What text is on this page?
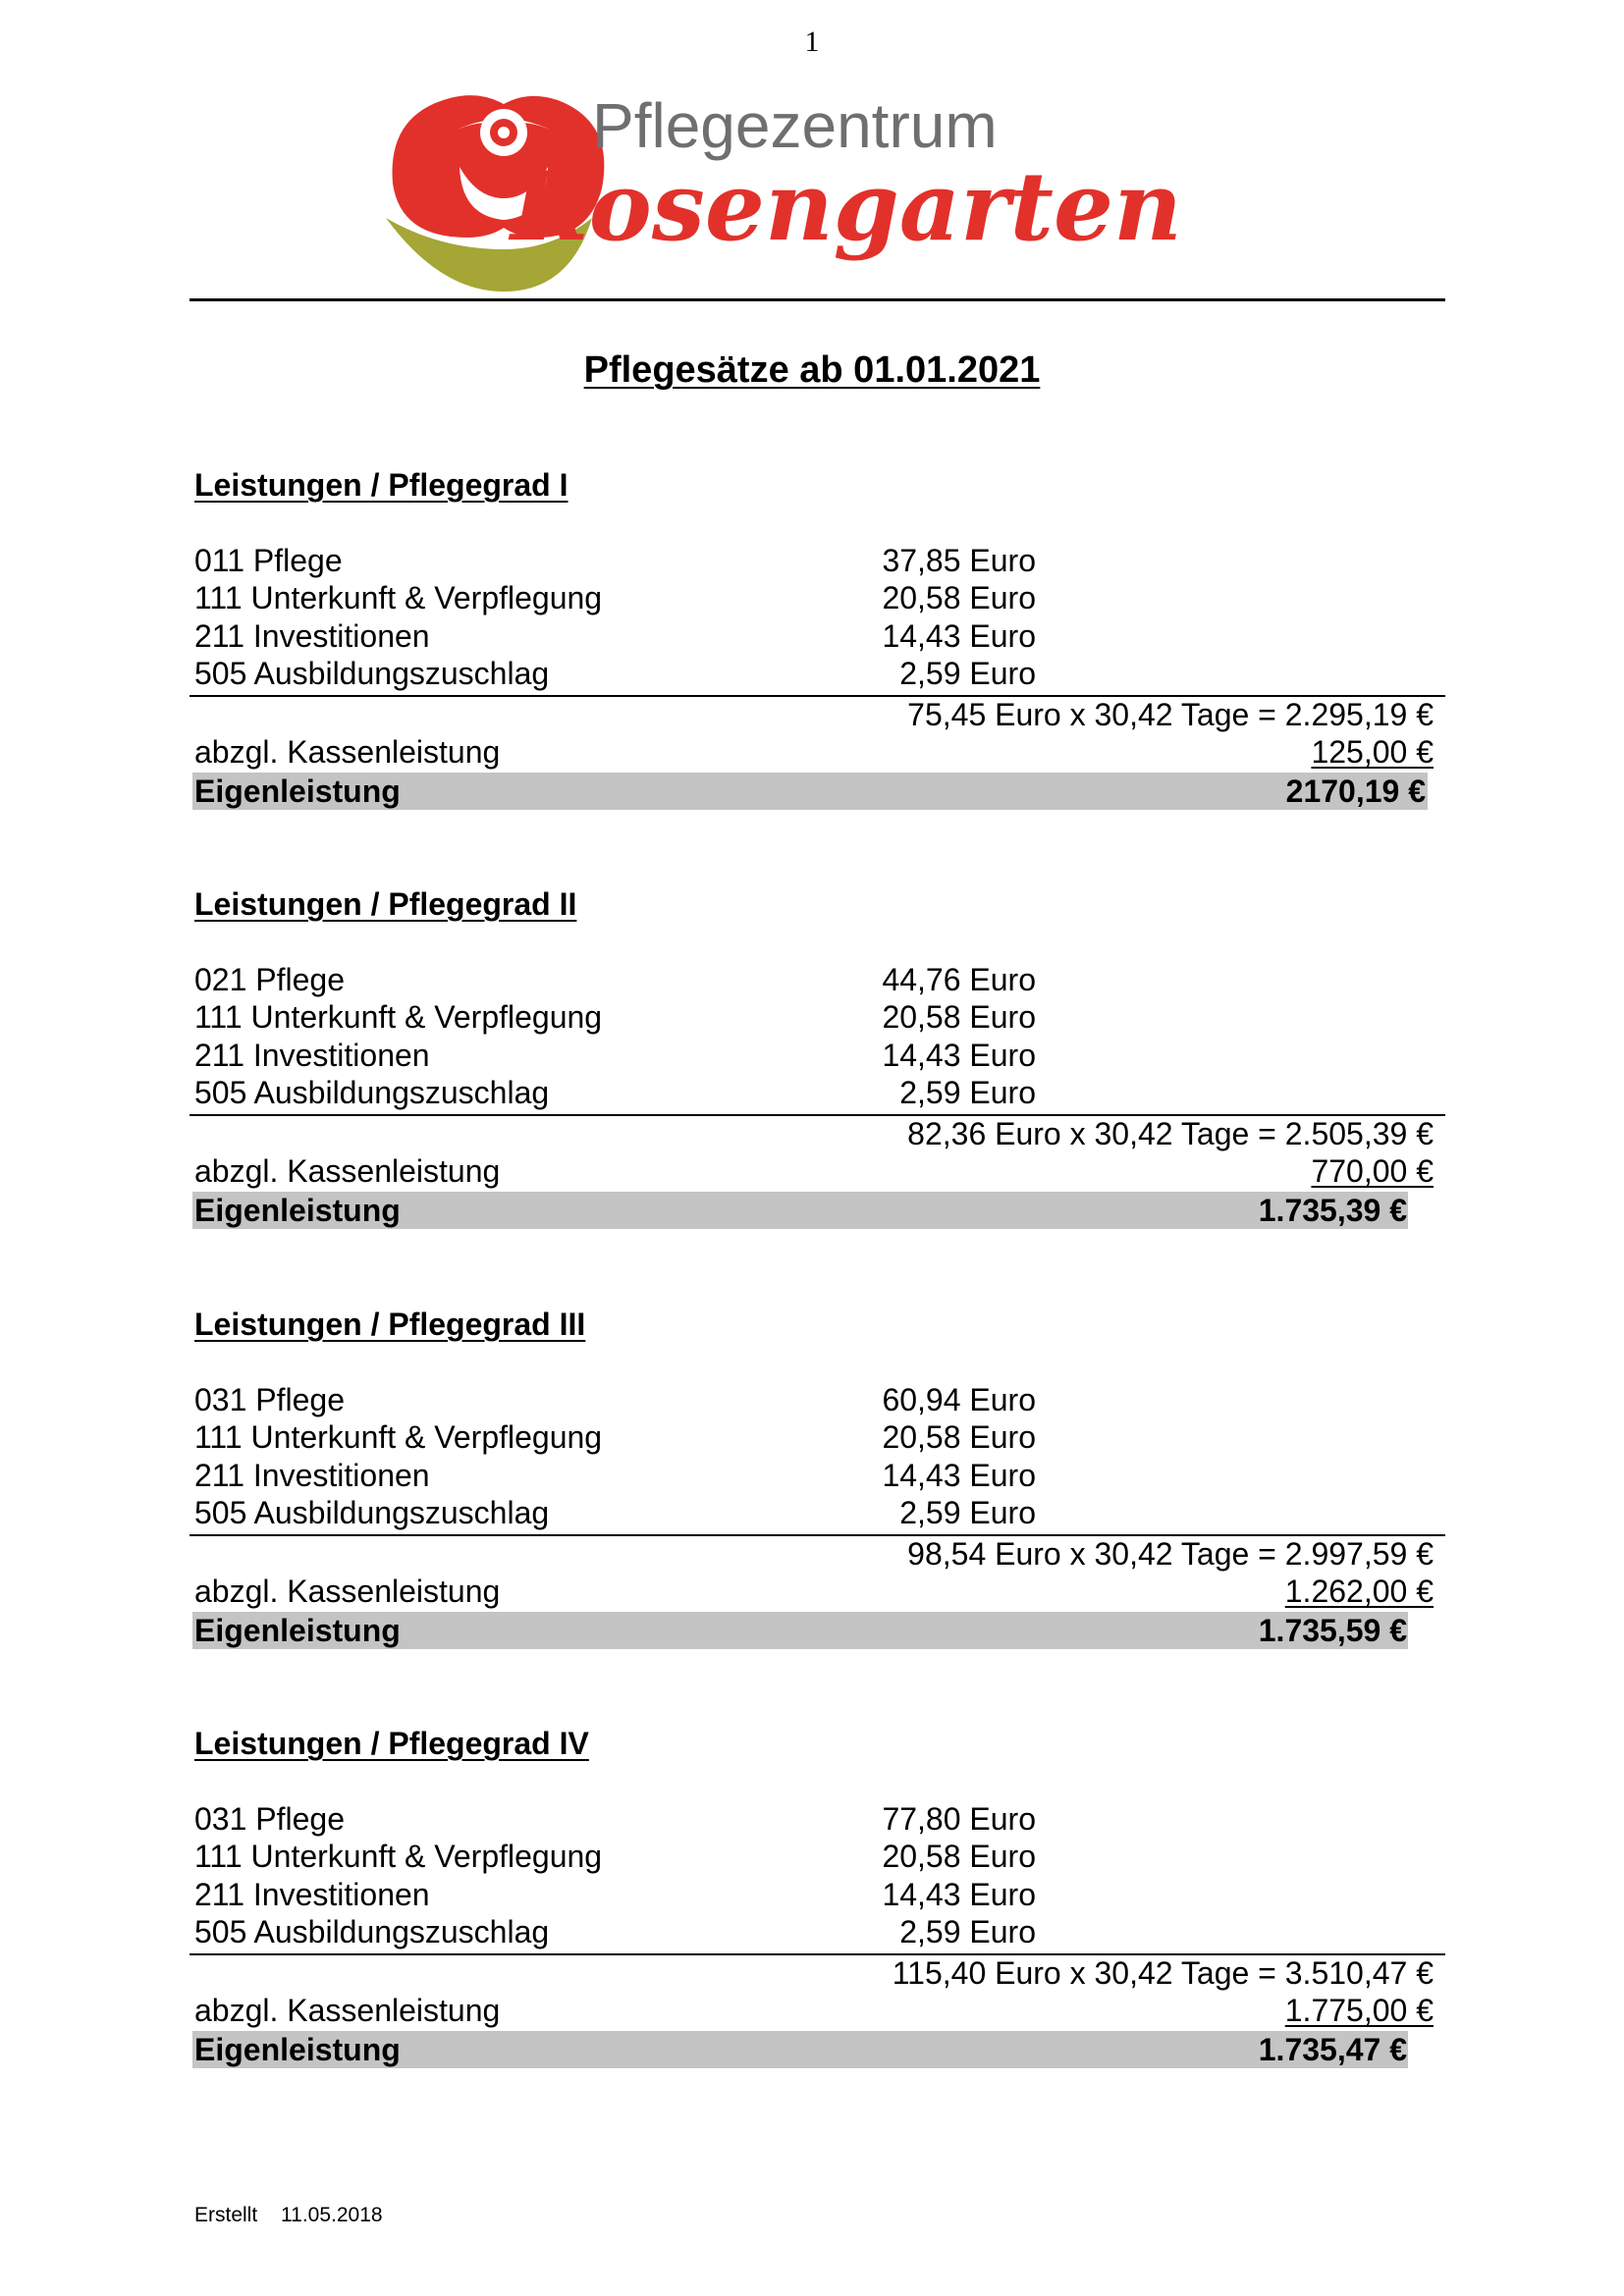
1
Pflegezentrum
Rosengarten
Pflegesätze ab 01.01.2021
Leistungen / Pflegegrad I
011 Pflege	37,85 Euro
111 Unterkunft & Verpflegung	20,58 Euro
211 Investitionen	14,43 Euro
505 Ausbildungszuschlag	2,59 Euro
75,45 Euro x 30,42 Tage = 2.295,19 €
abzgl. Kassenleistung	125,00 €
Eigenleistung	2170,19 €
Leistungen / Pflegegrad II
021 Pflege	44,76 Euro
111 Unterkunft & Verpflegung	20,58 Euro
211 Investitionen	14,43 Euro
505 Ausbildungszuschlag	2,59 Euro
82,36 Euro x 30,42 Tage = 2.505,39 €
abzgl. Kassenleistung	770,00 €
Eigenleistung	1.735,39 €
Leistungen / Pflegegrad III
031 Pflege	60,94 Euro
111 Unterkunft & Verpflegung	20,58 Euro
211 Investitionen	14,43 Euro
505 Ausbildungszuschlag	2,59 Euro
98,54 Euro x 30,42 Tage = 2.997,59 €
abzgl. Kassenleistung	1.262,00 €
Eigenleistung	1.735,59 €
Leistungen / Pflegegrad IV
031 Pflege	77,80 Euro
111 Unterkunft & Verpflegung	20,58 Euro
211 Investitionen	14,43 Euro
505 Ausbildungszuschlag	2,59 Euro
115,40 Euro x 30,42 Tage = 3.510,47 €
abzgl. Kassenleistung	1.775,00 €
Eigenleistung	1.735,47 €
Erstellt 11.05.2018
